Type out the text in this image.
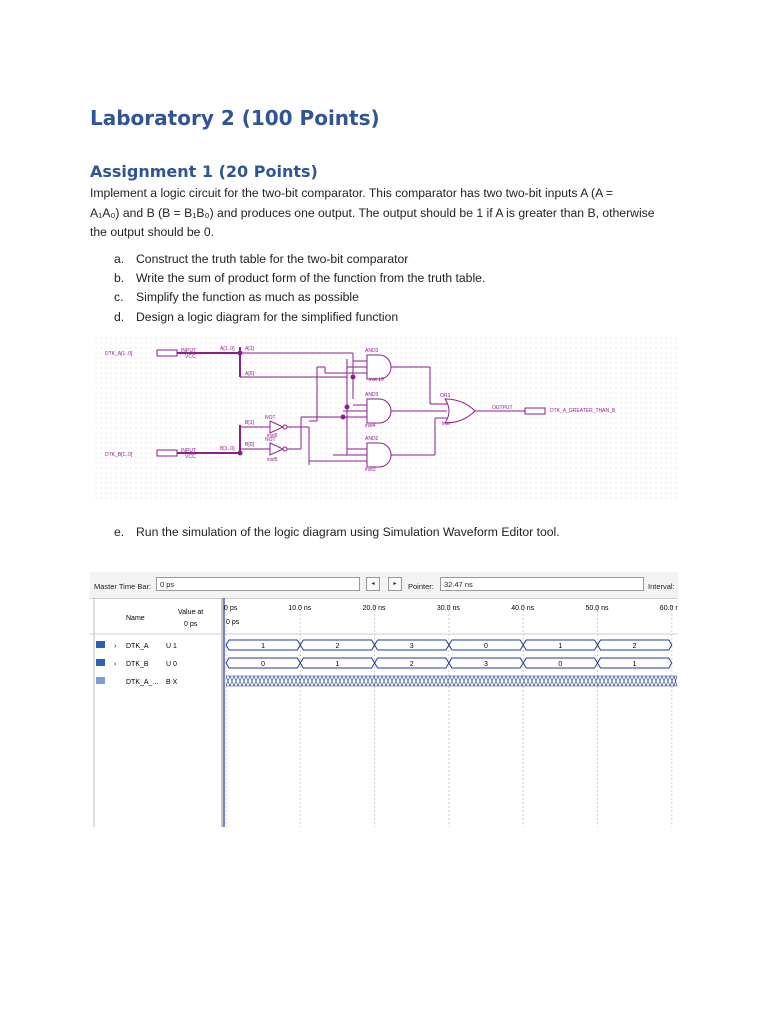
Laboratory 2 (100 Points)
Assignment 1 (20 Points)
Implement a logic circuit for the two-bit comparator. This comparator has two two-bit inputs A (A =
A₁A₀) and B (B = B₁B₀) and produces one output. The output should be 1 if A is greater than B, otherwise
the output should be 0.
a. Construct the truth table for the two-bit comparator
b. Write the sum of product form of the function from the truth table.
c.	Simplify the function as much as possible
d. Design a logic diagram for the simplified function
DTK_A[1..0]	INPUT
VCC
DTK_B[1..0]
INPUT
VCC
A[1..0] A[1]
A[0]
B[1..0]
B[1]
B[0]
NOT
inst6
NOT
inst5
AND3
inst 10
AND3
inst4
AND2
inst3
OR3
inst
OUTPUT	DTK_A_GREATER_THAN_B
e. Run the simulation of the logic diagram using Simulation Waveform Editor tool.
Master Time Bar:	0 ps	◂	▸	Pointer:	32.47 ns	Interval:
Name
Value at
0 ps	0 ps
0 ps	10.0 ns	20.0 ns	30.0 ns	40.0 ns	50.0 ns	60.0 r
› DTK_A U 1	1	2	3	0	1	2
› DTK_B U 0	0	1	2	3	0	1
DTK_A_... B X
